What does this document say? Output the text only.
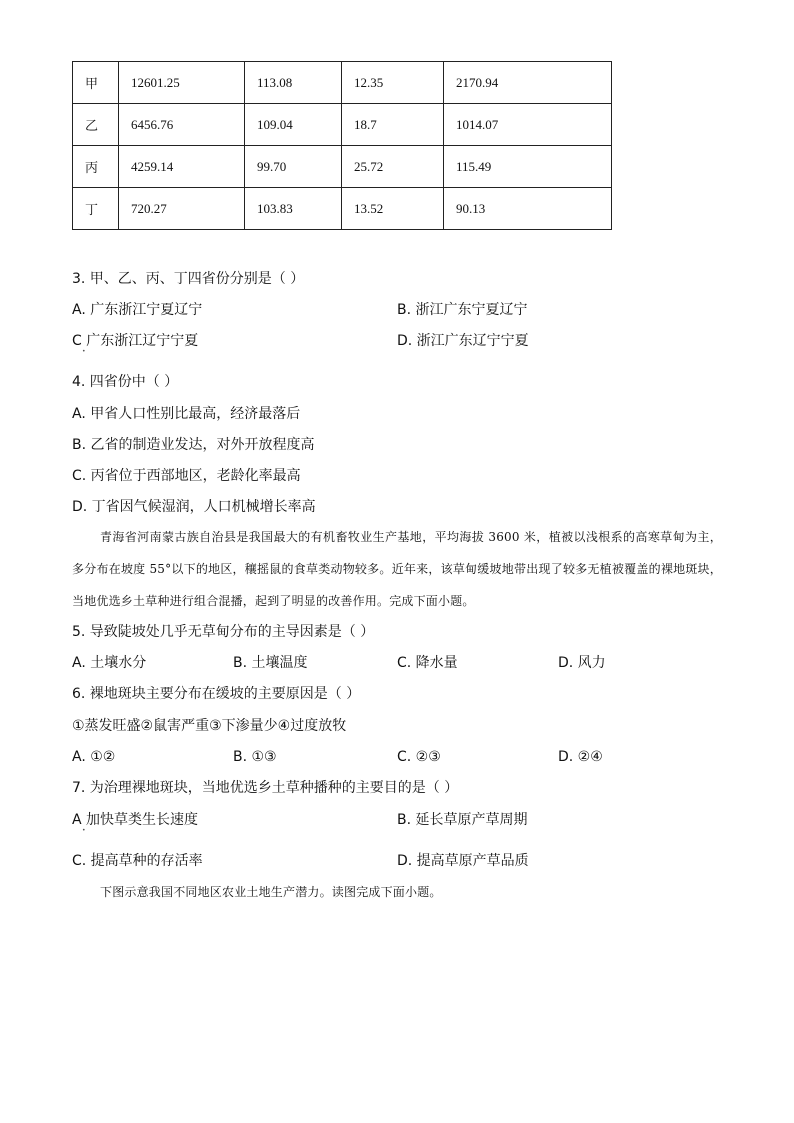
甲	12601.25	113.08	12.35	2170.94
乙	6456.76	109.04	18.7	1014.07
丙	4259.14	99.70	25.72	115.49
丁	720.27	103.83	13.52	90.13
3. 甲、乙、丙、丁四省份分别是（ ）
A. 广东浙江宁夏辽宁	B. 浙江广东宁夏辽宁
C 广东浙江辽宁宁夏
•
D. 浙江广东辽宁宁夏
4. 四省份中（ ）
A. 甲省人口性别比最高，经济最落后
B. 乙省的制造业发达，对外开放程度高
C. 丙省位于西部地区，老龄化率最高
D. 丁省因气候湿润，人口机械增长率高
青海省河南蒙古族自治县是我国最大的有机畜牧业生产基地，平均海拔 3600 米，植被以浅根系的高寒草甸为主，多分布在坡度 55°以下的地区，穰摇鼠的食草类动物较多。近年来，该草甸缓坡地带出现了较多无植被覆盖的裸地斑块，当地优选乡土草种进行组合混播，起到了明显的改善作用。完成下面小题。
5. 导致陡坡处几乎无草甸分布的主导因素是（ ）
A. 土壤水分	B. 土壤温度	C. 降水量	D. 风力
6. 裸地斑块主要分布在缓坡的主要原因是（ ）
①蒸发旺盛②鼠害严重③下渗量少④过度放牧
A. ①②	B. ①③	C. ②③	D. ②④
7. 为治理裸地斑块，当地优选乡土草种播种的主要目的是（ ）
A 加快草类生长速度
•
B. 延长草原产草周期
C. 提高草种的存活率	D. 提高草原产草品质
下图示意我国不同地区农业土地生产潜力。读图完成下面小题。
